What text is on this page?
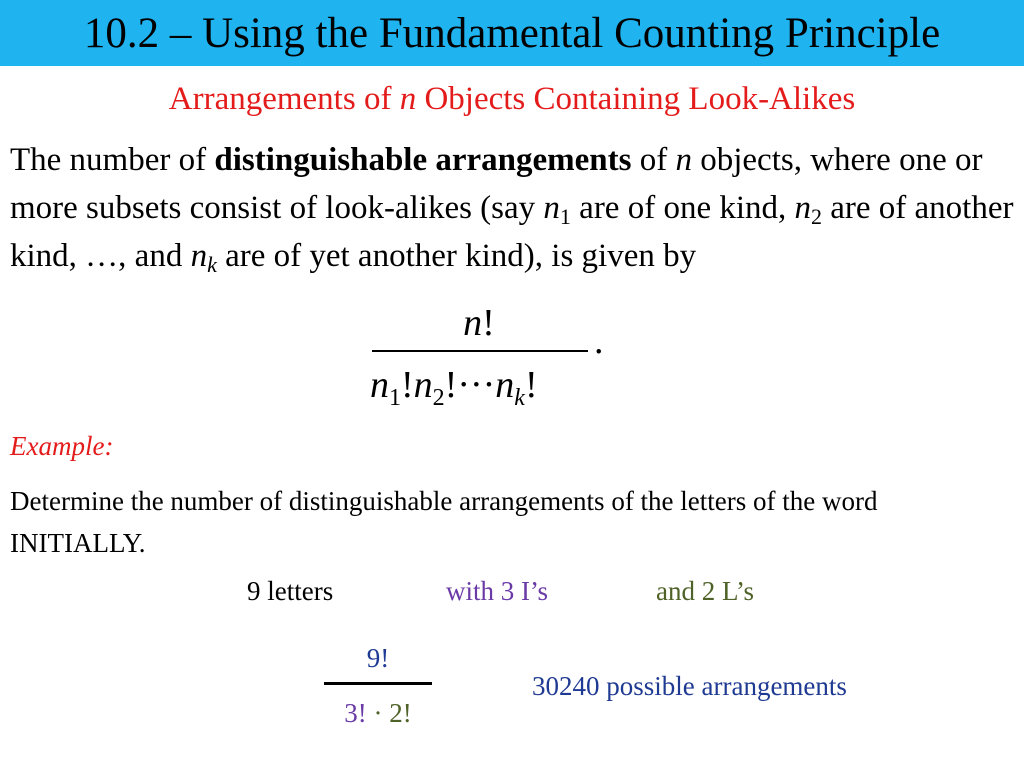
10.2 – Using the Fundamental Counting Principle
Arrangements of n Objects Containing Look-Alikes
The number of distinguishable arrangements of n objects, where one or more subsets consist of look-alikes (say $n_1$ are of one kind, $n_2$ are of another kind, …, and $n_k$ are of yet another kind), is given by
n!	.
$n_1!n_2!\cdot\cdot\cdot n_k$!
Example:
Determine the number of distinguishable arrangements of the letters of the word INITIALLY.
9 letters	with 3 I’s	and 2 L’s
9!
3! · 2!
30240 possible arrangements
